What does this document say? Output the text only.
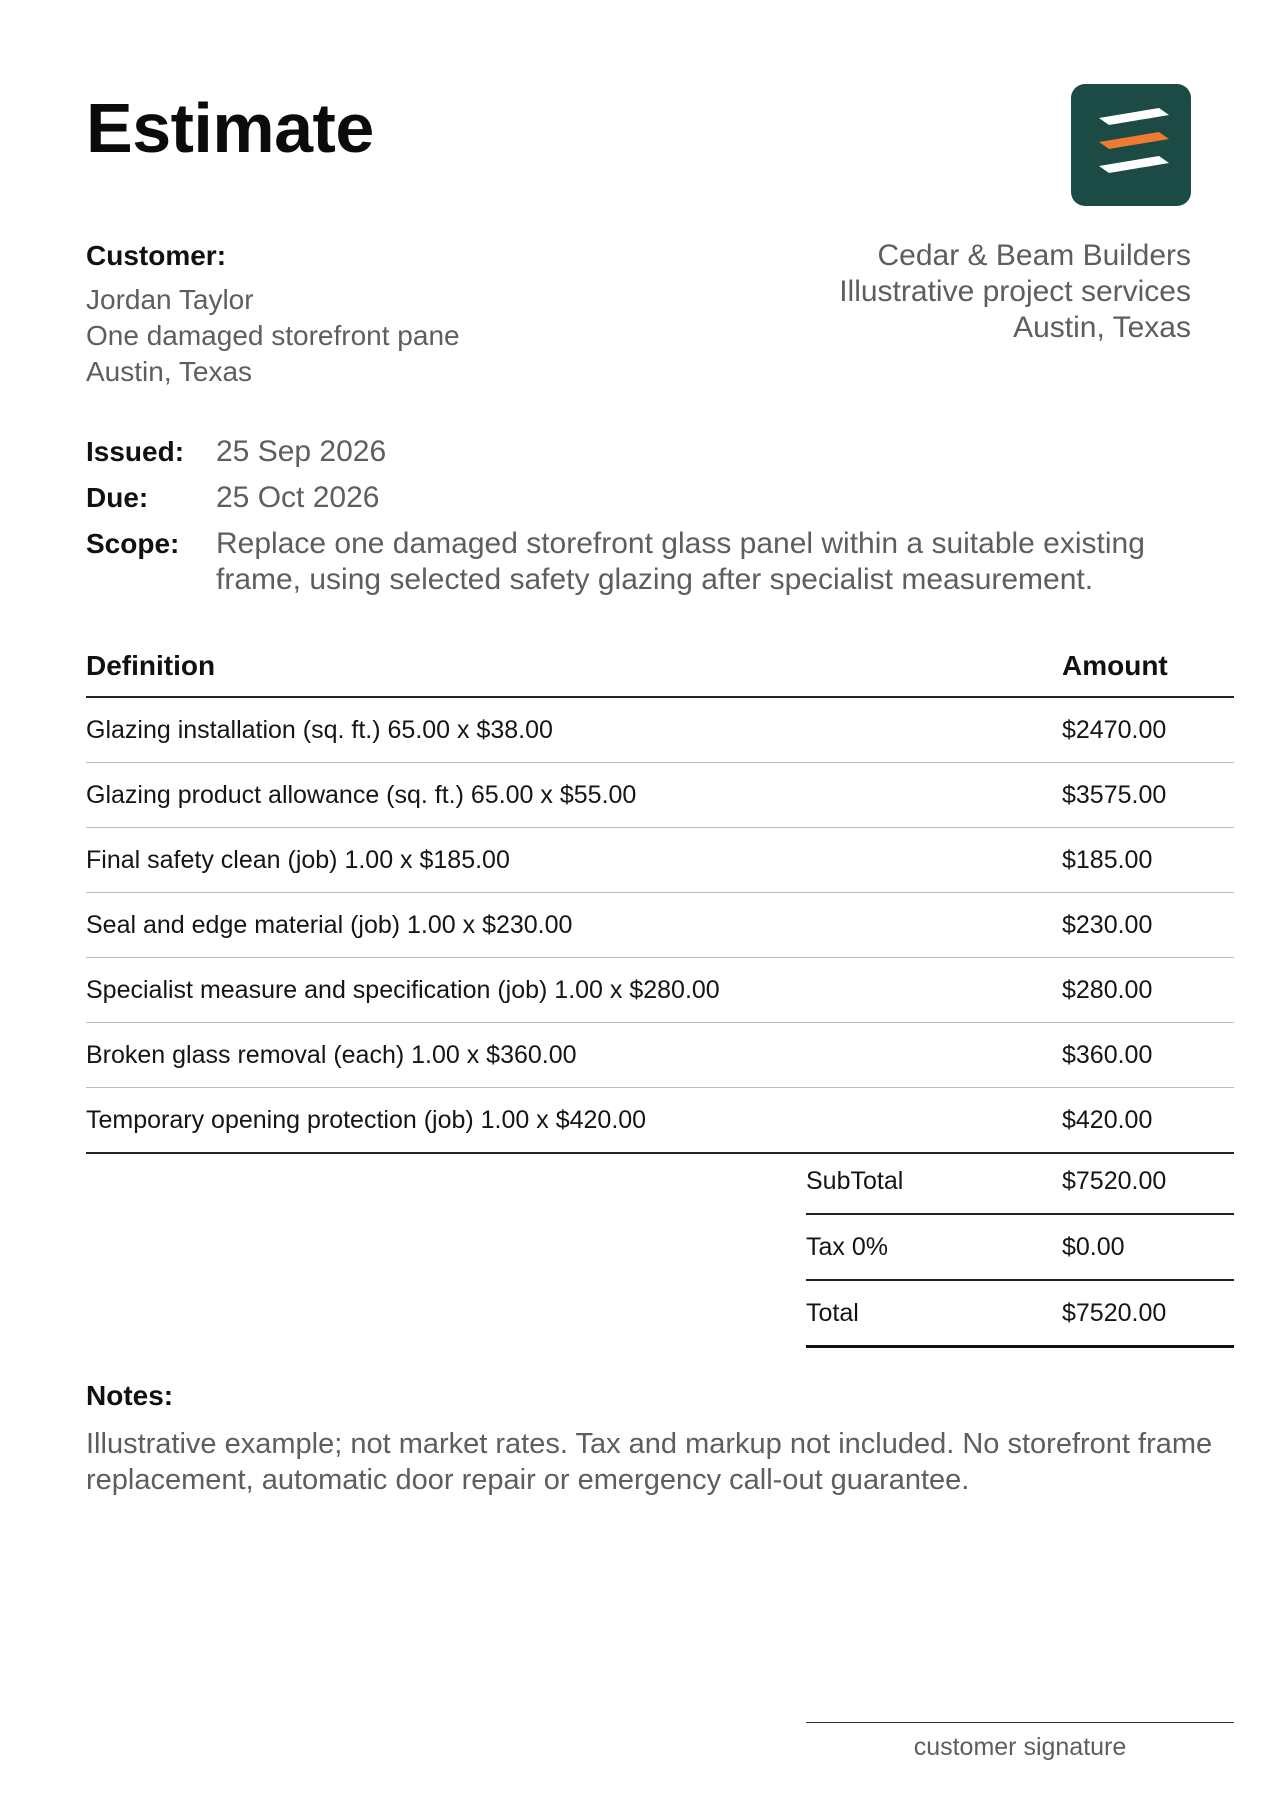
Estimate
Customer:
Jordan Taylor
One damaged storefront pane
Austin, Texas
Cedar & Beam Builders
Illustrative project services
Austin, Texas
Issued:	25 Sep 2026
Due:	25 Oct 2026
Scope:	Replace one damaged storefront glass panel within a suitable existing frame, using selected safety glazing after specialist measurement.
Definition	Amount
Glazing installation (sq. ft.) 65.00 x $38.00	$2470.00
Glazing product allowance (sq. ft.) 65.00 x $55.00	$3575.00
Final safety clean (job) 1.00 x $185.00	$185.00
Seal and edge material (job) 1.00 x $230.00	$230.00
Specialist measure and specification (job) 1.00 x $280.00	$280.00
Broken glass removal (each) 1.00 x $360.00	$360.00
Temporary opening protection (job) 1.00 x $420.00	$420.00
SubTotal	$7520.00
Tax 0%	$0.00
Total	$7520.00
Notes:
Illustrative example; not market rates. Tax and markup not included. No storefront frame replacement, automatic door repair or emergency call-out guarantee.
customer signature
